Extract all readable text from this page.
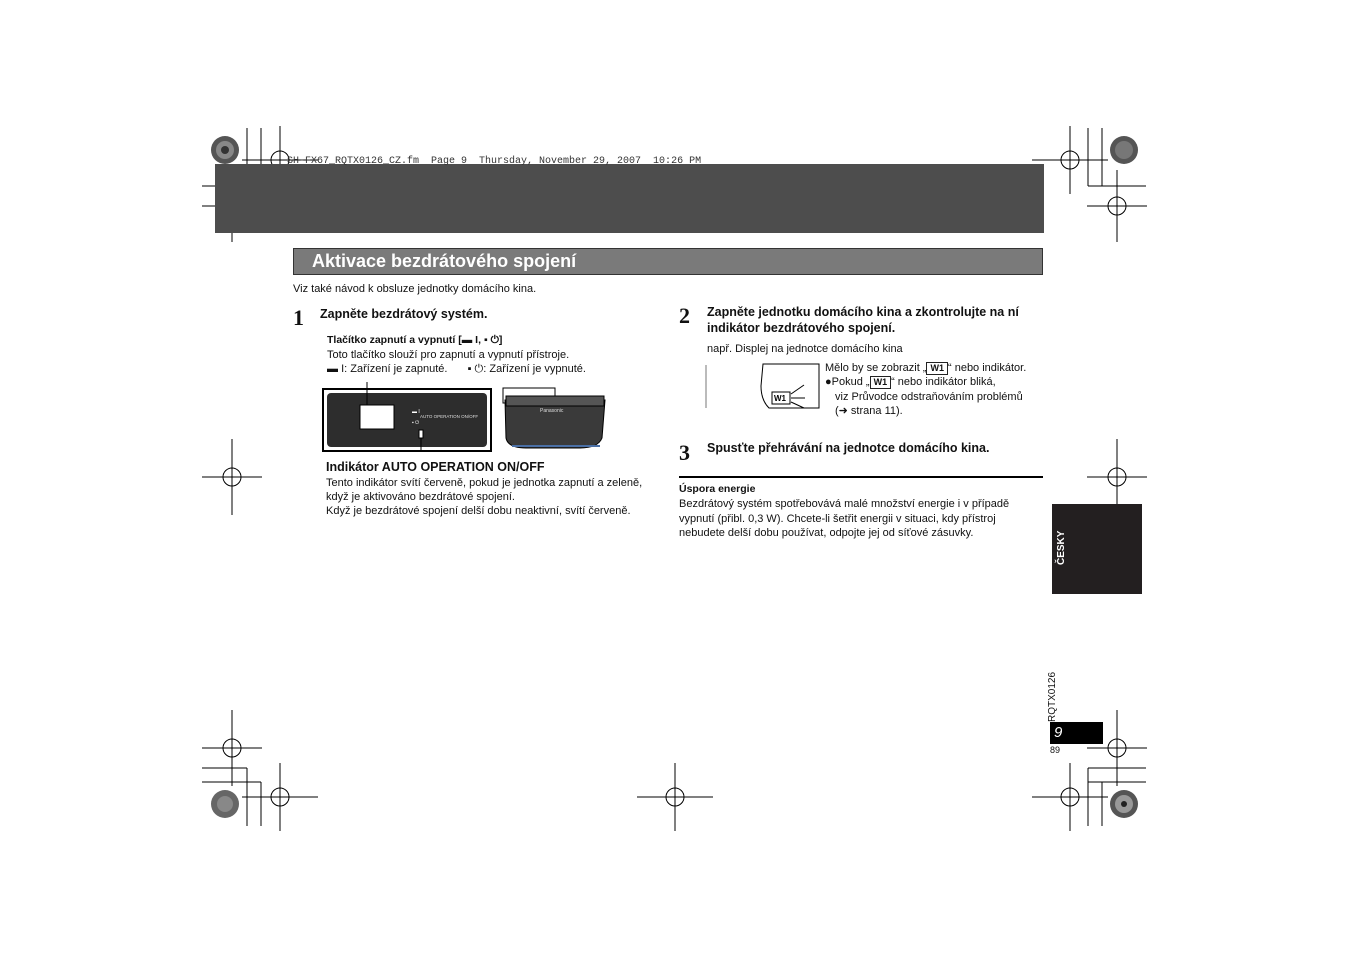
SH-FX67_RQTX0126_CZ.fm  Page 9  Thursday, November 29, 2007  10:26 PM
Aktivace bezdrátového spojení
Viz také návod k obsluze jednotky domácího kina.
1 Zapněte bezdrátový systém.
Tlačítko zapnutí a vypnutí [▬ I, ▪ ⏻]
Toto tlačítko slouží pro zapnutí a vypnutí přístroje.
▬ I: Zařízení je zapnuté. ▪ ⏻: Zařízení je vypnuté.
▬ I
▪ ⏻
AUTO OPERATION ON/OFF
Panasonic
Indikátor AUTO OPERATION ON/OFF
Tento indikátor svítí červeně, pokud je jednotka zapnutí a zeleně,
když je aktivováno bezdrátové spojení.
Když je bezdrátové spojení delší dobu neaktivní, svítí červeně.
2 Zapněte jednotku domácího kina a zkontrolujte na ní
indikátor bezdrátového spojení.
např. Displej na jednotce domácího kina
W1
Mělo by se zobrazit „ W1 “ nebo indikátor.
●Pokud „ W1 “ nebo indikátor bliká,
viz Průvodce odstraňováním problémů
(➜ strana 11).
3 Spusťte přehrávání na jednotce domácího kina.
Úspora energie
Bezdrátový systém spotřebovává malé množství energie i v případě
vypnutí (přibl. 0,3 W). Chcete-li šetřit energii v situaci, kdy přístroj
nebudete delší dobu používat, odpojte jej od síťové zásuvky.	ČESKY
RQTX0126
9
89
